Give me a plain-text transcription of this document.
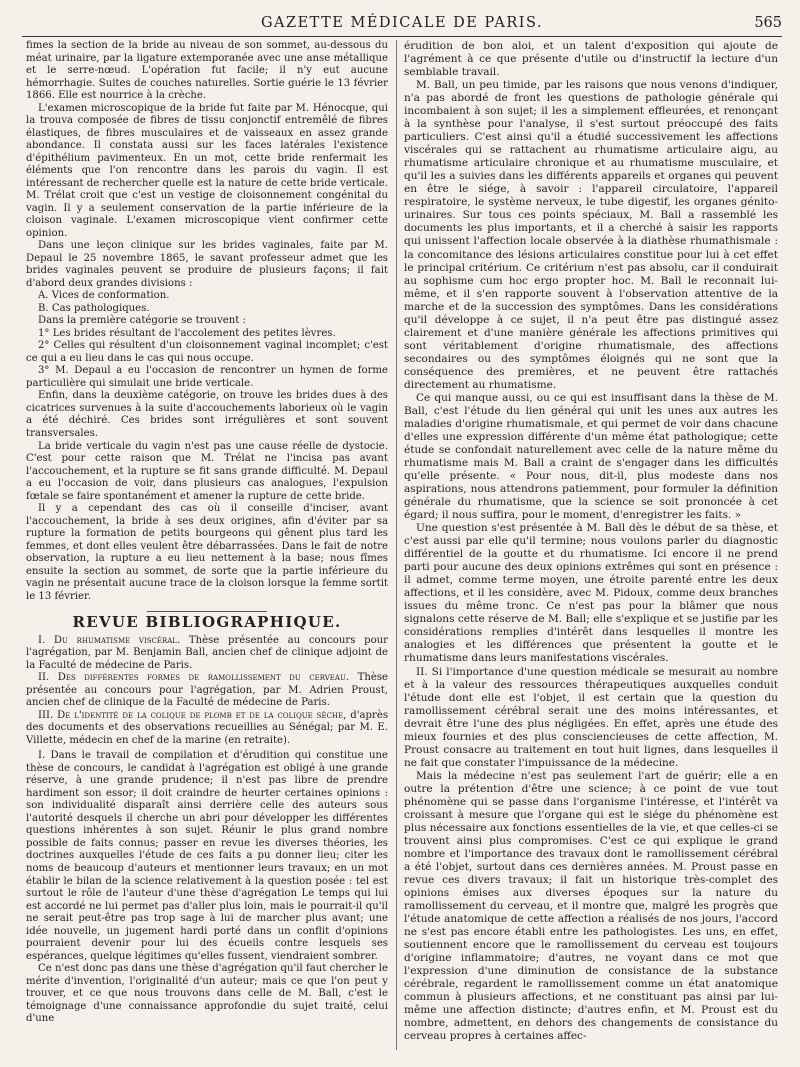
GAZETTE MÉDICALE DE PARIS.	565

fimes la section de la bride au niveau de son sommet, au-dessous du méat urinaire, par la ligature extemporanée avec une anse métallique et le serre-nœud. L'opération fut facile; il n'y eut aucune hémorrhagie. Suites de couches naturelles. Sortie guérie le 13 février 1866. Elle est nourrice à la crèche.

L'examen microscopique de la bride fut faite par M. Hénocque, qui la trouva composée de fibres de tissu conjonctif entremêlé de fibres élastiques, de fibres musculaires et de vaisseaux en assez grande abondance. Il constata aussi sur les faces latérales l'existence d'épithélium pavimenteux. En un mot, cette bride renfermait les éléments que l'on rencontre dans les parois du vagin. Il est intéressant de rechercher quelle est la nature de cette bride verticale. M. Trélat croit que c'est un vestige de cloisonnement congénital du vagin. Il y a seulement conservation de la partie inférieure de la cloison vaginale. L'examen microscopique vient confirmer cette opinion.

Dans une leçon clinique sur les brides vaginales, faite par M. Depaul le 25 novembre 1865, le savant professeur admet que les brides vaginales peuvent se produire de plusieurs façons; il fait d'abord deux grandes divisions :

A. Vices de conformation.

B. Cas pathologiques.

Dans la première catégorie se trouvent :

1° Les brides résultant de l'accolement des petites lèvres.

2° Celles qui résultent d'un cloisonnement vaginal incomplet; c'est ce qui a eu lieu dans le cas qui nous occupe.

3° M. Depaul a eu l'occasion de rencontrer un hymen de forme particulière qui simulait une bride verticale.

Enfin, dans la deuxième catégorie, on trouve les brides dues à des cicatrices survenues à la suite d'accouchements laborieux où le vagin a été déchiré. Ces brides sont irrégulières et sont souvent transversales.

La bride verticale du vagin n'est pas une cause réelle de dystocie. C'est pour cette raison que M. Trélat ne l'incisa pas avant l'accouchement, et la rupture se fit sans grande difficulté. M. Depaul a eu l'occasion de voir, dans plusieurs cas analogues, l'expulsion fœtale se faire spontanément et amener la rupture de cette bride.

Il y a cependant des cas où il conseille d'inciser, avant l'accouchement, la bride à ses deux origines, afin d'éviter par sa rupture la formation de petits bourgeons qui gênent plus tard les femmes, et dont elles veulent être débarrassées. Dans le fait de notre observation, la rupture a eu lieu nettement à la base; nous fîmes ensuite la section au sommet, de sorte que la partie inférieure du vagin ne présentait aucune trace de la cloison lorsque la femme sortit le 13 février.

REVUE BIBLIOGRAPHIQUE.

I. Du rhumatisme viscéral. Thèse présentée au concours pour l'agrégation, par M. Benjamin Ball, ancien chef de clinique adjoint de la Faculté de médecine de Paris.

II. Des différentes formes de ramollissement du cerveau. Thèse présentée au concours pour l'agrégation, par M. Adrien Proust, ancien chef de clinique de la Faculté de médecine de Paris.

III. De l'identité de la colique de plomb et de la colique sèche, d'après des documents et des observations recueillies au Sénégal; par M. E. Villette, médecin en chef de la marine (en retraite).

I. Dans le travail de compilation et d'érudition qui constitue une thèse de concours, le candidat à l'agrégation est obligé à une grande réserve, à une grande prudence; il n'est pas libre de prendre hardiment son essor; il doit craindre de heurter certaines opinions : son individualité disparaît ainsi derrière celle des auteurs sous l'autorité desquels il cherche un abri pour développer les différentes questions inhérentes à son sujet. Réunir le plus grand nombre possible de faits connus; passer en revue les diverses théories, les doctrines auxquelles l'étude de ces faits a pu donner lieu; citer les noms de beaucoup d'auteurs et mentionner leurs travaux; en un mot établir le bilan de la science relativement à la question posée : tel est surtout le rôle de l'auteur d'une thèse d'agrégation Le temps qui lui est accordé ne lui permet pas d'aller plus loin, mais le pourrait-il qu'il ne serait peut-être pas trop sage à lui de marcher plus avant; une idée nouvelle, un jugement hardi porté dans un conflit d'opinions pourraient devenir pour lui des écueils contre lesquels ses espérances, quelque légitimes qu'elles fussent, viendraient sombrer.

Ce n'est donc pas dans une thèse d'agrégation qu'il faut chercher le mérite d'invention, l'originalité d'un auteur; mais ce que l'on peut y trouver, et ce que nous trouvons dans celle de M. Ball, c'est le témoignage d'une connaissance approfondie du sujet traité, celui d'une

érudition de bon aloi, et un talent d'exposition qui ajoute de l'agrément à ce que présente d'utile ou d'instructif la lecture d'un semblable travail.

M. Ball, un peu timide, par les raisons que nous venons d'indiquer, n'a pas abordé de front les questions de pathologie générale qui incombaient à son sujet; il les a simplement effleurées, et renonçant à la synthèse pour l'analyse, il s'est surtout préoccupé des faits particuliers. C'est ainsi qu'il a étudié successivement les affections viscérales qui se rattachent au rhumatisme articulaire aigu, au rhumatisme articulaire chronique et au rhumatisme musculaire, et qu'il les a suivies dans les différents appareils et organes qui peuvent en être le siége, à savoir : l'appareil circulatoire, l'appareil respiratoire, le système nerveux, le tube digestif, les organes génito-urinaires. Sur tous ces points spéciaux, M. Ball a rassemblé les documents les plus importants, et il a cherché à saisir les rapports qui unissent l'affection locale observée à la diathèse rhumathismale : la concomitance des lésions articulaires constitue pour lui à cet effet le principal critérium. Ce critérium n'est pas absolu, car il conduirait au sophisme cum hoc ergo propter hoc. M. Ball le reconnait lui-même, et il s'en rapporte souvent à l'observation attentive de la marche et de la succession des symptômes. Dans les considérations qu'il développe à ce sujet, il n'a peut être pas distingué assez clairement et d'une manière générale les affections primitives qui sont véritablement d'origine rhumatismale, des affections secondaires ou des symptômes éloignés qui ne sont que la conséquence des premières, et ne peuvent être rattachés directement au rhumatisme.

Ce qui manque aussi, ou ce qui est insuffisant dans la thèse de M. Ball, c'est l'étude du lien général qui unit les unes aux autres les maladies d'origine rhumatismale, et qui permet de voir dans chacune d'elles une expression différente d'un même état pathologique; cette étude se confondait naturellement avec celle de la nature même du rhumatisme mais M. Ball a craint de s'engager dans les difficultés qu'elle présente. « Pour nous, dit-il, plus modeste dans nos aspirations, nous attendrons patiemment, pour formuler la définition générale du rhumatisme, que la science se soit prononcée à cet égard; il nous suffira, pour le moment, d'enregistrer les faits. »

Une question s'est présentée à M. Ball dès le début de sa thèse, et c'est aussi par elle qu'il termine; nous voulons parler du diagnostic différentiel de la goutte et du rhumatisme. Ici encore il ne prend parti pour aucune des deux opinions extrêmes qui sont en présence : il admet, comme terme moyen, une étroite parenté entre les deux affections, et il les considère, avec M. Pidoux, comme deux branches issues du même tronc. Ce n'est pas pour la blâmer que nous signalons cette réserve de M. Ball; elle s'explique et se justifie par les considérations remplies d'intérêt dans lesquelles il montre les analogies et les différences que présentent la goutte et le rhumatisme dans leurs manifestations viscérales.

II. Si l'importance d'une question médicale se mesurait au nombre et à la valeur des ressources thérapeutiques auxquelles conduit l'étude dont elle est l'objet, il est certain que la question du ramollissement cérébral serait une des moins intéressantes, et devrait être l'une des plus négligées. En effet, après une étude des mieux fournies et des plus consciencieuses de cette affection, M. Proust consacre au traitement en tout huit lignes, dans lesquelles il ne fait que constater l'impuissance de la médecine.

Mais la médecine n'est pas seulement l'art de guérir; elle a en outre la prétention d'être une science; à ce point de vue tout phénomène qui se passe dans l'organisme l'intéresse, et l'intérêt va croissant à mesure que l'organe qui est le siége du phénomène est plus nécessaire aux fonctions essentielles de la vie, et que celles-ci se trouvent ainsi plus compromises. C'est ce qui explique le grand nombre et l'importance des travaux dont le ramollissement cérébral a été l'objet, surtout dans ces dernières années. M. Proust passe en revue ces divers travaux; il fait un historique très-complet des opinions émises aux diverses époques sur la nature du ramollissement du cerveau, et il montre que, malgré les progrès que l'étude anatomique de cette affection a réalisés de nos jours, l'accord ne s'est pas encore établi entre les pathologistes. Les uns, en effet, soutiennent encore que le ramollissement du cerveau est toujours d'origine inflammatoire; d'autres, ne voyant dans ce mot que l'expression d'une diminution de consistance de la substance cérébrale, regardent le ramollissement comme un état anatomique commun à plusieurs affections, et ne constituant pas ainsi par lui-même une affection distincte; d'autres enfin, et M. Proust est du nombre, admettent, en dehors des changements de consistance du cerveau propres à certaines affec-
